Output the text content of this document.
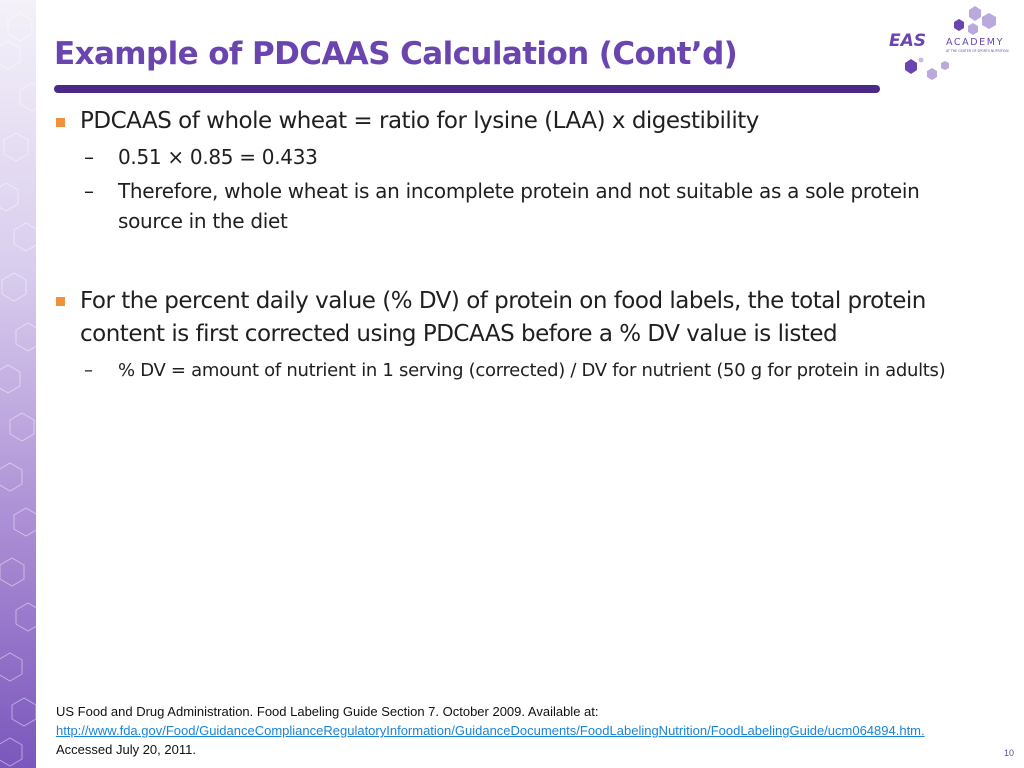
Example of PDCAAS Calculation (Cont’d)	EAS ACADEMY
AT THE CENTER OF SPORTS NUTRITION
PDCAAS of whole wheat = ratio for lysine (LAA) x digestibility
– 0.51 × 0.85 = 0.433
– Therefore, whole wheat is an incomplete protein and not suitable as a sole protein source in the diet
For the percent daily value (% DV) of protein on food labels, the total protein content is first corrected using PDCAAS before a % DV value is listed
– % DV = amount of nutrient in 1 serving (corrected) ∕ DV for nutrient (50 g for protein in adults)
US Food and Drug Administration. Food Labeling Guide Section 7. October 2009. Available at:
http://www.fda.gov/Food/GuidanceComplianceRegulatoryInformation/GuidanceDocuments/FoodLabelingNutrition/FoodLabelingGuide/ucm064894.htm. Accessed July 20, 2011.	10
